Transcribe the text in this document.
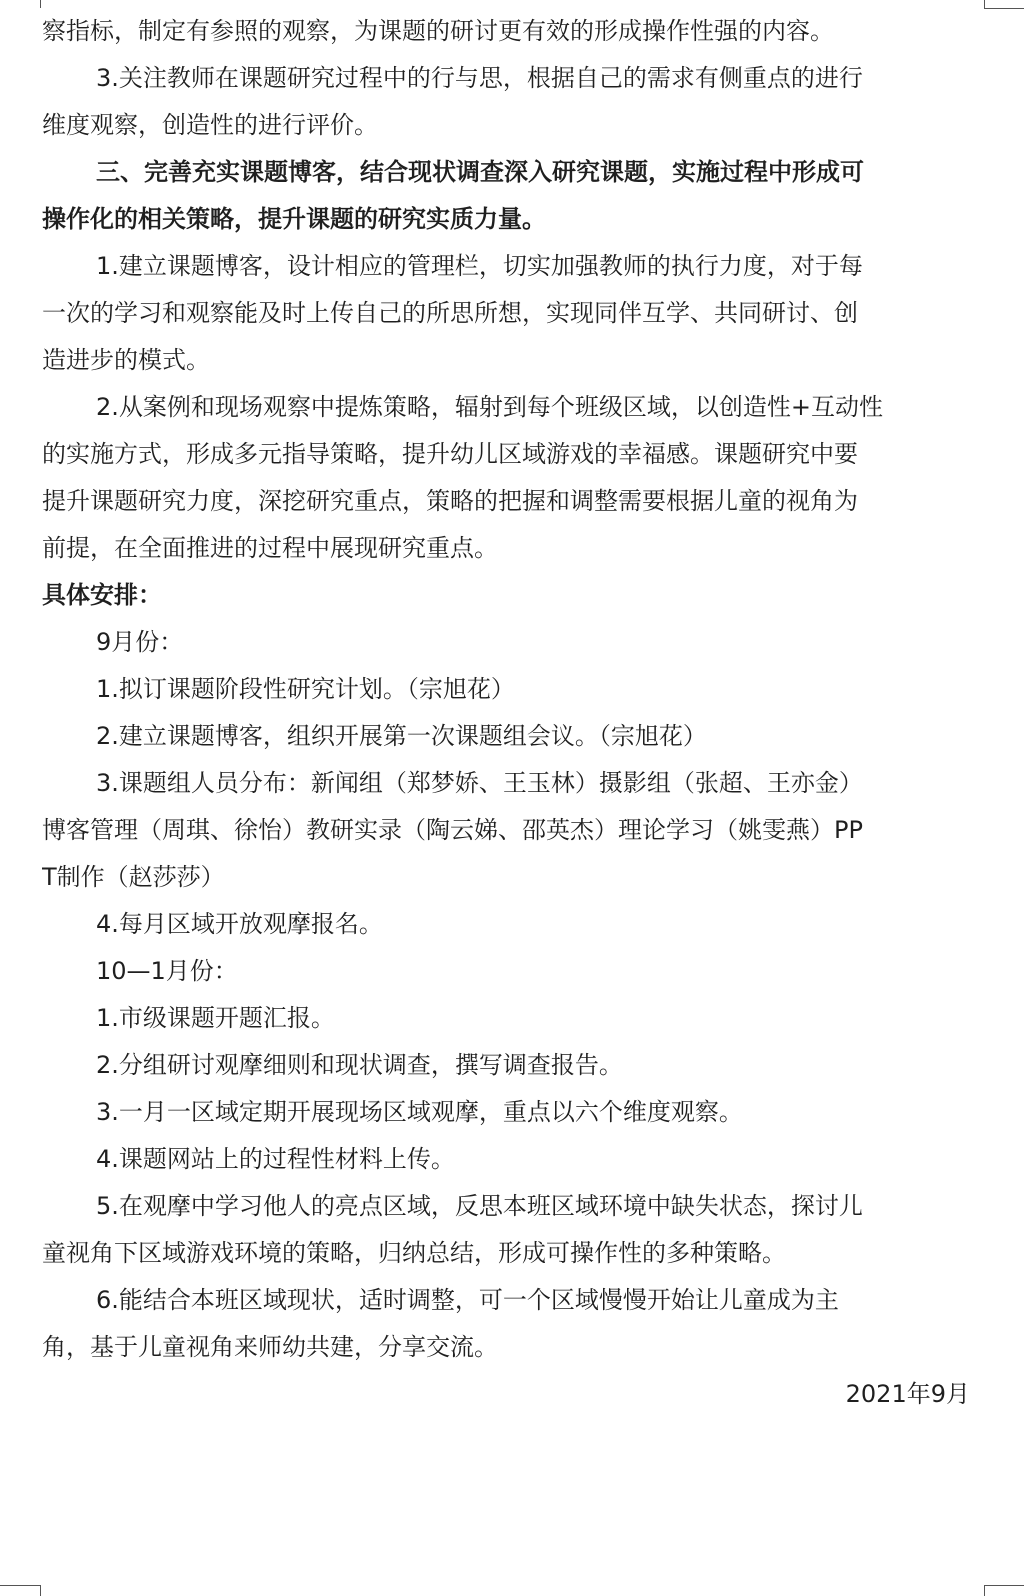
察指标，制定有参照的观察，为课题的研讨更有效的形成操作性强的内容。
3.关注教师在课题研究过程中的行与思，根据自己的需求有侧重点的进行
维度观察，创造性的进行评价。
三、完善充实课题博客，结合现状调查深入研究课题，实施过程中形成可
操作化的相关策略，提升课题的研究实质力量。
1.建立课题博客，设计相应的管理栏，切实加强教师的执行力度，对于每
一次的学习和观察能及时上传自己的所思所想，实现同伴互学、共同研讨、创
造进步的模式。
2.从案例和现场观察中提炼策略，辐射到每个班级区域，以创造性+互动性
的实施方式，形成多元指导策略，提升幼儿区域游戏的幸福感。课题研究中要
提升课题研究力度，深挖研究重点，策略的把握和调整需要根据儿童的视角为
前提，在全面推进的过程中展现研究重点。
具体安排：
9月份：
1.拟订课题阶段性研究计划。（宗旭花）
2.建立课题博客，组织开展第一次课题组会议。（宗旭花）
3.课题组人员分布：新闻组（郑梦娇、王玉林）摄影组（张超、王亦金）
博客管理（周琪、徐怡）教研实录（陶云娣、邵英杰）理论学习（姚雯燕）PP
T制作（赵莎莎）
4.每月区域开放观摩报名。
10—1月份：
1.市级课题开题汇报。
2.分组研讨观摩细则和现状调查，撰写调查报告。
3.一月一区域定期开展现场区域观摩，重点以六个维度观察。
4.课题网站上的过程性材料上传。
5.在观摩中学习他人的亮点区域，反思本班区域环境中缺失状态，探讨儿
童视角下区域游戏环境的策略，归纳总结，形成可操作性的多种策略。
6.能结合本班区域现状，适时调整，可一个区域慢慢开始让儿童成为主
角，基于儿童视角来师幼共建，分享交流。
2021年9月
